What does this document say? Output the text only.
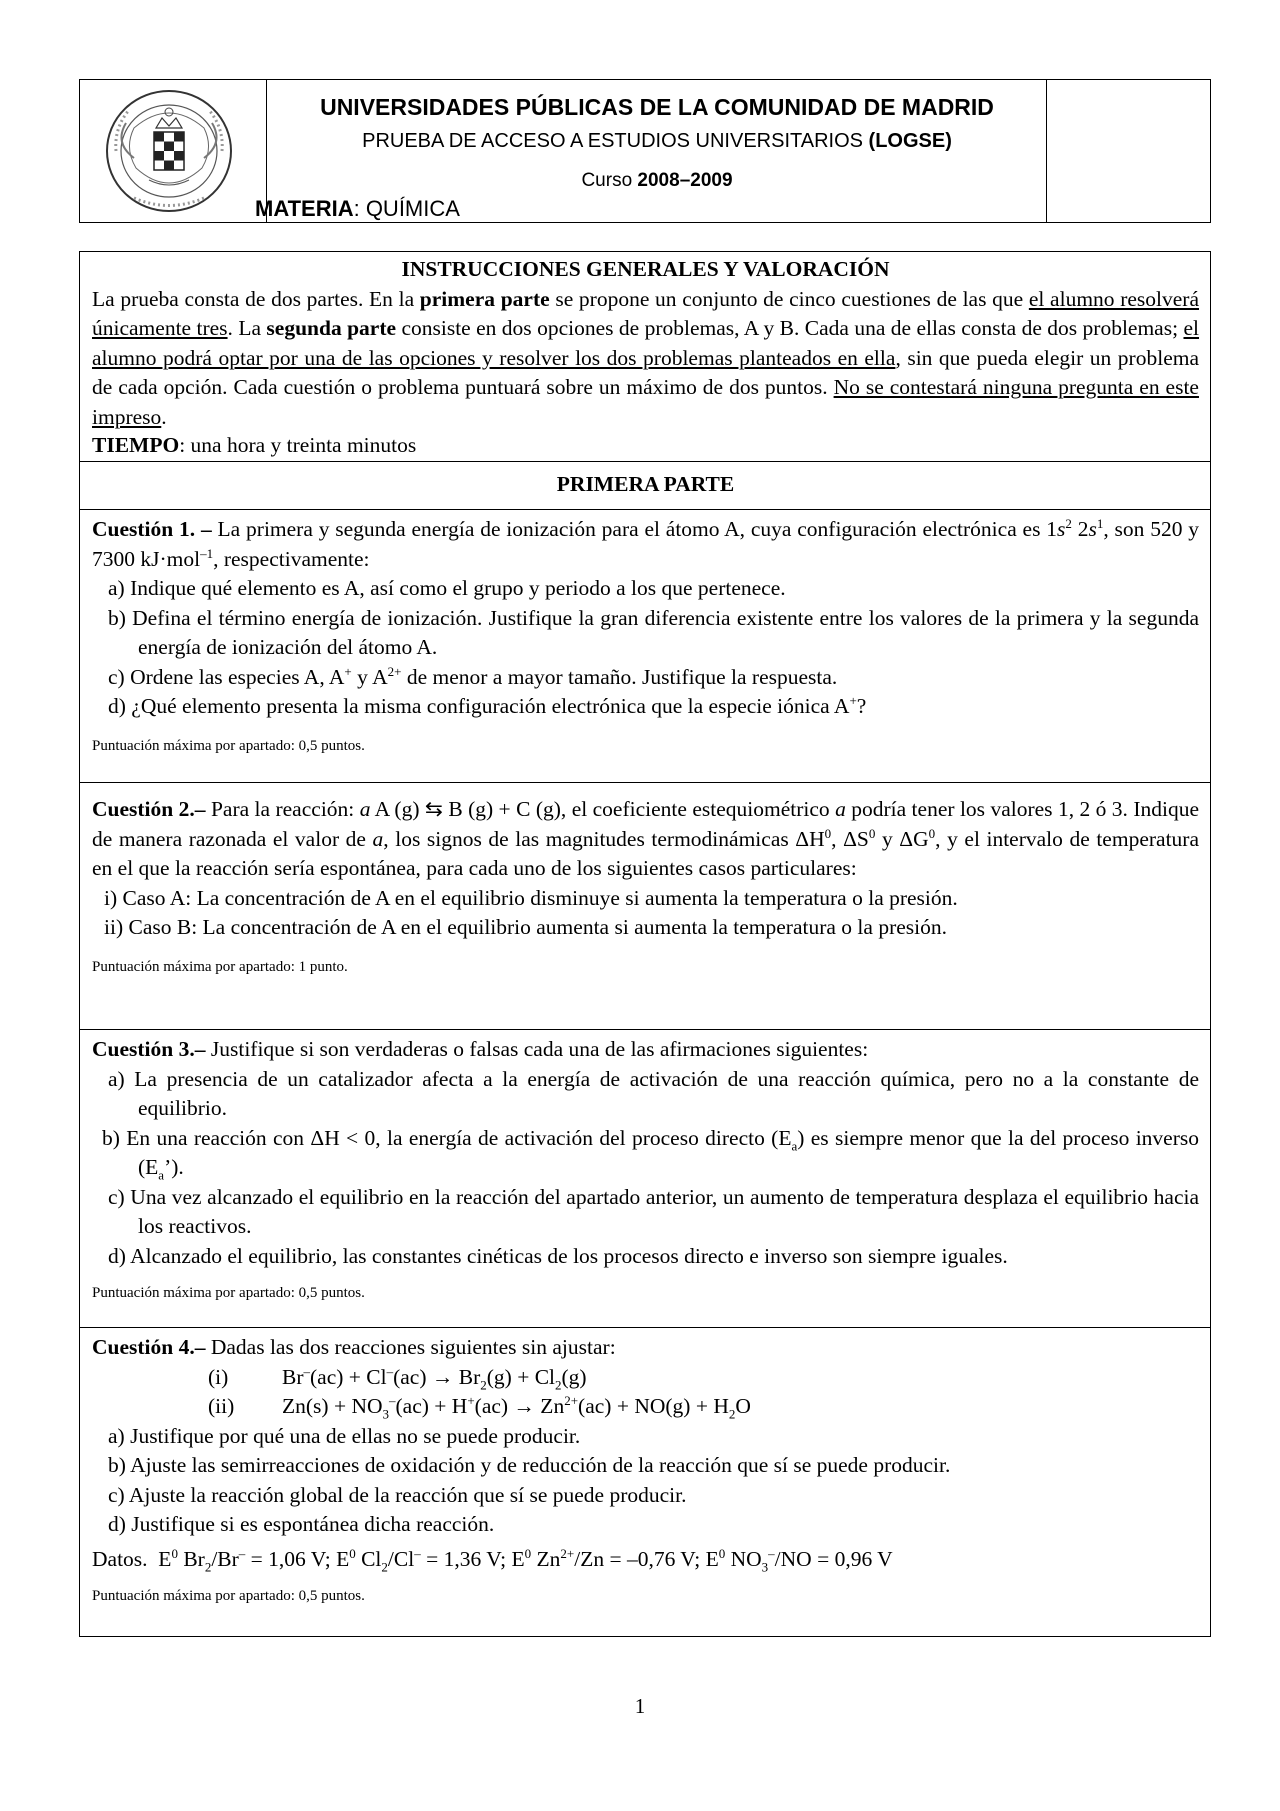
UNIVERSIDADES PÚBLICAS DE LA COMUNIDAD DE MADRID
PRUEBA DE ACCESO A ESTUDIOS UNIVERSITARIOS (LOGSE)
Curso 2008–2009
MATERIA: QUÍMICA
INSTRUCCIONES GENERALES Y VALORACIÓN
La prueba consta de dos partes. En la primera parte se propone un conjunto de cinco cuestiones de las que el alumno resolverá únicamente tres. La segunda parte consiste en dos opciones de problemas, A y B. Cada una de ellas consta de dos problemas; el alumno podrá optar por una de las opciones y resolver los dos problemas planteados en ella, sin que pueda elegir un problema de cada opción. Cada cuestión o problema puntuará sobre un máximo de dos puntos. No se contestará ninguna pregunta en este impreso.
TIEMPO: una hora y treinta minutos
PRIMERA PARTE
Cuestión 1. – La primera y segunda energía de ionización para el átomo A, cuya configuración electrónica es $1s^2$ $2s^1$, son 520 y 7300 kJ·mol$^{-1}$, respectivamente:
a) Indique qué elemento es A, así como el grupo y periodo a los que pertenece.
b) Defina el término energía de ionización. Justifique la gran diferencia existente entre los valores de la primera y la segunda energía de ionización del átomo A.
c) Ordene las especies A, A+ y $A^{2+}$ de menor a mayor tamaño. Justifique la respuesta.
d) ¿Qué elemento presenta la misma configuración electrónica que la especie iónica A+?
Puntuación máxima por apartado: 0,5 puntos.
Cuestión 2.– Para la reacción: a A (g) ⇆ B (g) + C (g), el coeficiente estequiométrico a podría tener los valores 1, 2 ó 3. Indique de manera razonada el valor de a, los signos de las magnitudes termodinámicas $\Delta H^0$, $\Delta S^0$ y $\Delta G^0$, y el intervalo de temperatura en el que la reacción sería espontánea, para cada uno de los siguientes casos particulares:
i) Caso A: La concentración de A en el equilibrio disminuye si aumenta la temperatura o la presión.
ii) Caso B: La concentración de A en el equilibrio aumenta si aumenta la temperatura o la presión.
Puntuación máxima por apartado: 1 punto.
Cuestión 3.– Justifique si son verdaderas o falsas cada una de las afirmaciones siguientes:
a) La presencia de un catalizador afecta a la energía de activación de una reacción química, pero no a la constante de equilibrio.
b) En una reacción con ΔH < 0, la energía de activación del proceso directo $(E_a)$ es siempre menor que la del proceso inverso $(E_a’)$.
c) Una vez alcanzado el equilibrio en la reacción del apartado anterior, un aumento de temperatura desplaza el equilibrio hacia los reactivos.
d) Alcanzado el equilibrio, las constantes cinéticas de los procesos directo e inverso son siempre iguales.
Puntuación máxima por apartado: 0,5 puntos.
Cuestión 4.– Dadas las dos reacciones siguientes sin ajustar:
(i) $Br^-(ac) + Cl^-(ac) \to Br_2(g) + Cl_2(g)$
(ii) $Zn(s) + NO_3^-(ac) + H^+(ac) \to Zn^{2+}(ac) + NO(g) + H_2O$
a) Justifique por qué una de ellas no se puede producir.
b) Ajuste las semirreacciones de oxidación y de reducción de la reacción que sí se puede producir.
c) Ajuste la reacción global de la reacción que sí se puede producir.
d) Justifique si es espontánea dicha reacción.
Datos. $E^0$ $Br_2/Br^- = 1,06$ V; $E^0$ $Cl_2/Cl^- = 1,36$ V; $E^0$ $Zn^{2+}/Zn = -0,76$ V; $E^0$ $NO_3^-/NO = 0,96$ V
Puntuación máxima por apartado: 0,5 puntos.
1
